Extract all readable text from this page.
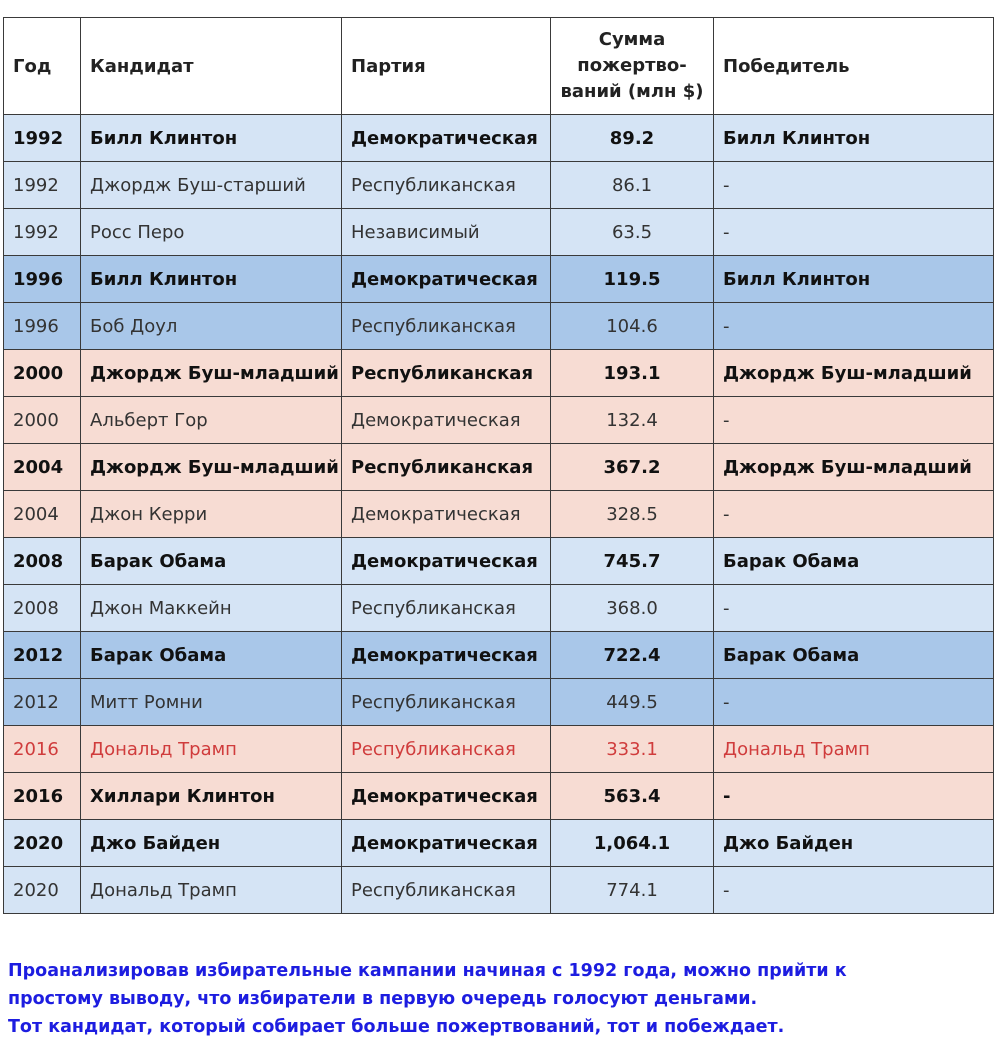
Год	Кандидат	Партия	Сумма
пожертво-
ваний (млн $)	Победитель
1992	Билл Клинтон	Демократическая	89.2	Билл Клинтон
1992	Джордж Буш-старший	Республиканская	86.1	-
1992	Росс Перо	Независимый	63.5	-
1996	Билл Клинтон	Демократическая	119.5	Билл Клинтон
1996	Боб Доул	Республиканская	104.6	-
2000	Джордж Буш-младший	Республиканская	193.1	Джордж Буш-младший
2000	Альберт Гор	Демократическая	132.4	-
2004	Джордж Буш-младший	Республиканская	367.2	Джордж Буш-младший
2004	Джон Керри	Демократическая	328.5	-
2008	Барак Обама	Демократическая	745.7	Барак Обама
2008	Джон Маккейн	Республиканская	368.0	-
2012	Барак Обама	Демократическая	722.4	Барак Обама
2012	Митт Ромни	Республиканская	449.5	-
2016	Дональд Трамп	Республиканская	333.1	Дональд Трамп
2016	Хиллари Клинтон	Демократическая	563.4	-
2020	Джо Байден	Демократическая	1,064.1	Джо Байден
2020	Дональд Трамп	Республиканская	774.1	-

Проанализировав избирательные кампании начиная с 1992 года, можно прийти к
простому выводу, что избиратели в первую очередь голосуют деньгами.
Тот кандидат, который собирает больше пожертвований, тот и побеждает.
